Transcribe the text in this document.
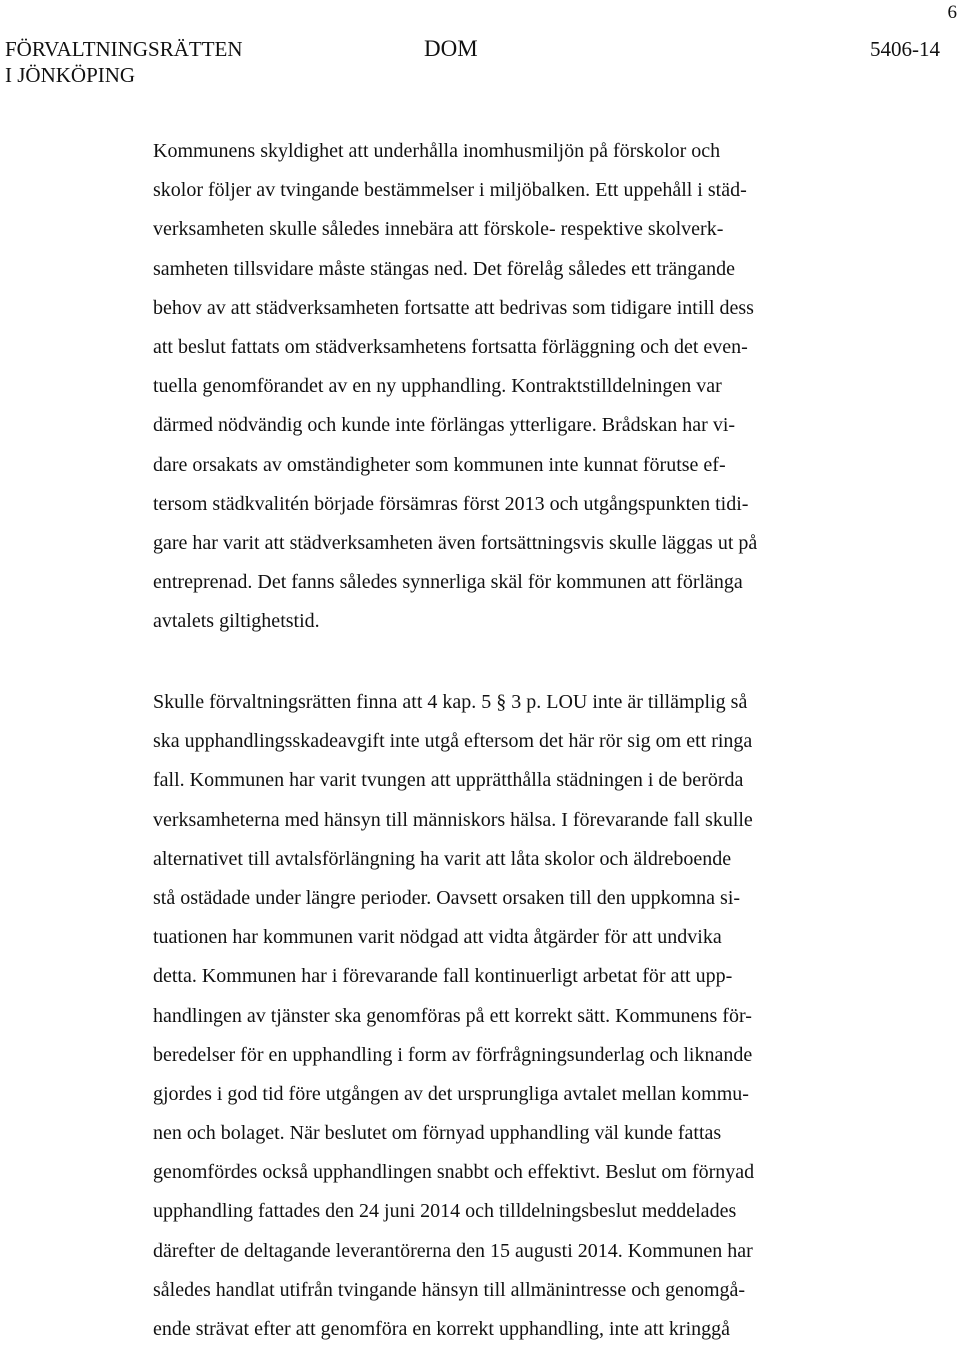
FÖRVALTNINGSRÄTTEN
I JÖNKÖPING
DOM	5406-14
6
Kommunens skyldighet att underhålla inomhusmiljön på förskolor och
skolor följer av tvingande bestämmelser i miljöbalken. Ett uppehåll i städ-
verksamheten skulle således innebära att förskole- respektive skolverk-
samheten tillsvidare måste stängas ned. Det förelåg således ett trängande
behov av att städverksamheten fortsatte att bedrivas som tidigare intill dess
att beslut fattats om städverksamhetens fortsatta förläggning och det even-
tuella genomförandet av en ny upphandling. Kontraktstilldelningen var
därmed nödvändig och kunde inte förlängas ytterligare. Brådskan har vi-
dare orsakats av omständigheter som kommunen inte kunnat förutse ef-
tersom städkvalitén började försämras först 2013 och utgångspunkten tidi-
gare har varit att städverksamheten även fortsättningsvis skulle läggas ut på
entreprenad. Det fanns således synnerliga skäl för kommunen att förlänga
avtalets giltighetstid.
Skulle förvaltningsrätten finna att 4 kap. 5 § 3 p. LOU inte är tillämplig så
ska upphandlingsskadeavgift inte utgå eftersom det här rör sig om ett ringa
fall. Kommunen har varit tvungen att upprätthålla städningen i de berörda
verksamheterna med hänsyn till människors hälsa. I förevarande fall skulle
alternativet till avtalsförlängning ha varit att låta skolor och äldreboende
stå ostädade under längre perioder. Oavsett orsaken till den uppkomna si-
tuationen har kommunen varit nödgad att vidta åtgärder för att undvika
detta. Kommunen har i förevarande fall kontinuerligt arbetat för att upp-
handlingen av tjänster ska genomföras på ett korrekt sätt. Kommunens för-
beredelser för en upphandling i form av förfrågningsunderlag och liknande
gjordes i god tid före utgången av det ursprungliga avtalet mellan kommu-
nen och bolaget. När beslutet om förnyad upphandling väl kunde fattas
genomfördes också upphandlingen snabbt och effektivt. Beslut om förnyad
upphandling fattades den 24 juni 2014 och tilldelningsbeslut meddelades
därefter de deltagande leverantörerna den 15 augusti 2014. Kommunen har
således handlat utifrån tvingande hänsyn till allmänintresse och genomgå-
ende strävat efter att genomföra en korrekt upphandling, inte att kringgå
